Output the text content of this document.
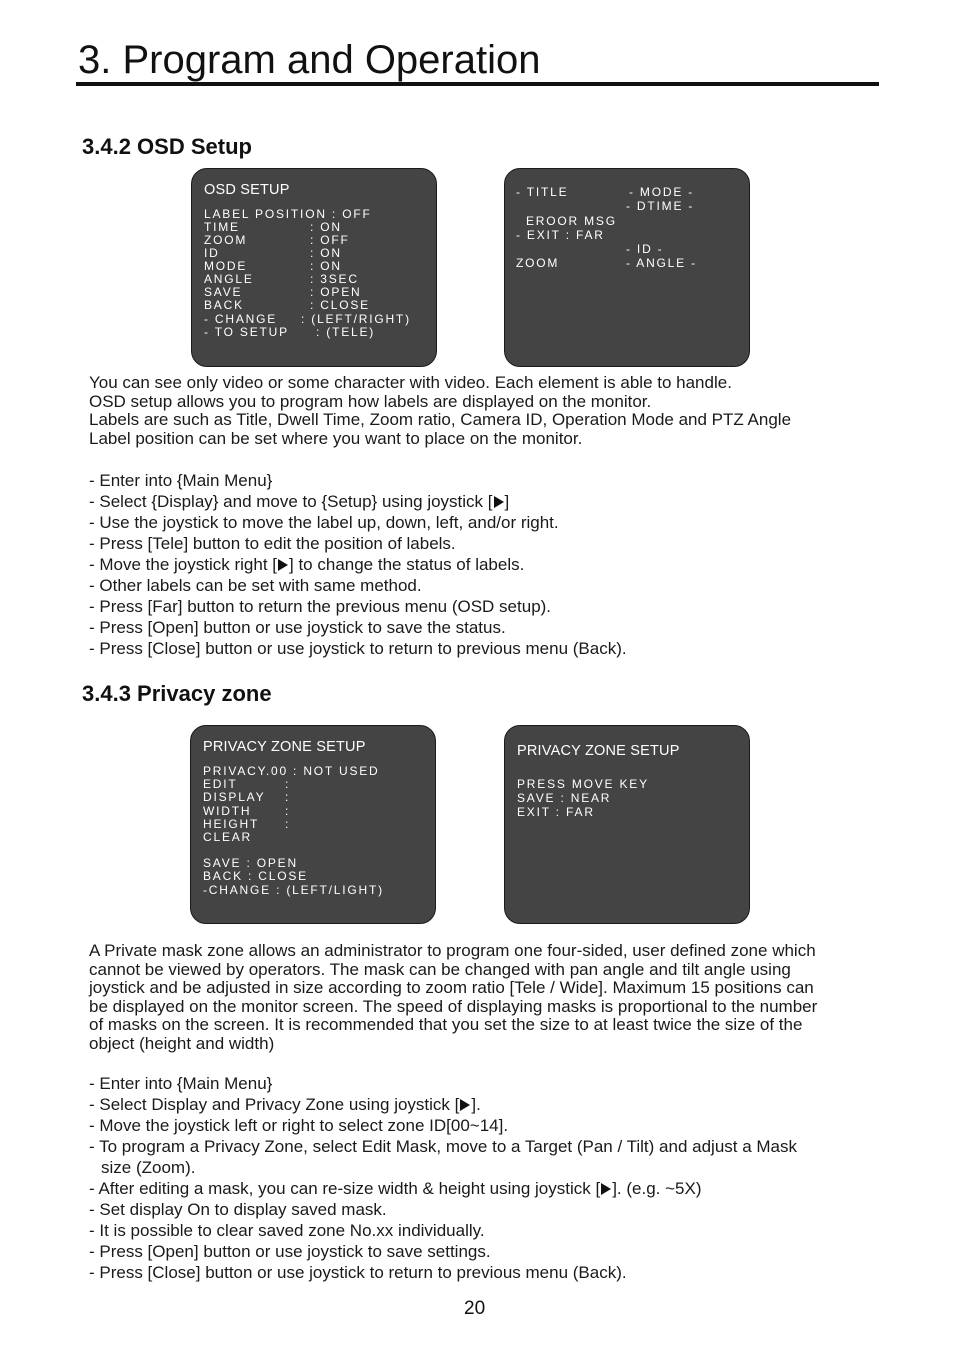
3. Program and Operation
3.4.2 OSD Setup
OSD SETUP
LABEL POSITION : OFF
TIME	: ON
ZOOM	: OFF
ID	: ON
MODE	: ON
ANGLE	: 3SEC
SAVE	: OPEN
BACK	: CLOSE
- CHANGE : (LEFT/RIGHT)
- TO SETUP : (TELE)
- TITLE	- MODE -
- DTIME -
EROOR MSG
- EXIT : FAR
- ID -
ZOOM	- ANGLE -

You can see only video or some character with video. Each element is able to handle.

OSD setup allows you to program how labels are displayed on the monitor.

Labels are such as Title, Dwell Time, Zoom ratio, Camera ID, Operation Mode and PTZ Angle

Label position can be set where you want to place on the monitor.

- Enter into {Main Menu}
- Select {Display} and move to {Setup} using joystick [ ]
- Use the joystick to move the label up, down, left, and/or right.
- Press [Tele] button to edit the position of labels.
- Move the joystick right [ ] to change the status of labels.
- Other labels can be set with same method.
- Press [Far] button to return the previous menu (OSD setup).
- Press [Open] button or use joystick to save the status.
- Press [Close] button or use joystick to return to previous menu (Back).
3.4.3 Privacy zone
PRIVACY ZONE SETUP
PRIVACY.00 : NOT USED
EDIT	:
DISPLAY :
WIDTH	:
HEIGHT :
CLEAR
SAVE : OPEN
BACK : CLOSE
-CHANGE : (LEFT/LIGHT)
PRIVACY ZONE SETUP
PRESS MOVE KEY
SAVE : NEAR
EXIT : FAR

A Private mask zone allows an administrator to program one four-sided, user defined zone which

cannot be viewed by operators. The mask can be changed with pan angle and tilt angle using

joystick and be adjusted in size according to zoom ratio [Tele / Wide]. Maximum 15 positions can

be displayed on the monitor screen. The speed of displaying masks is proportional to the number

of masks on the screen. It is recommended that you set the size to at least twice the size of the

object (height and width)

- Enter into {Main Menu}
- Select Display and Privacy Zone using joystick [ ].
- Move the joystick left or right to select zone ID[00~14].
- To program a Privacy Zone, select Edit Mask, move to a Target (Pan / Tilt) and adjust a Mask
size (Zoom).
- After editing a mask, you can re-size width & height using joystick [ ]. (e.g. ~5X)
- Set display On to display saved mask.
- It is possible to clear saved zone No.xx individually.
- Press [Open] button or use joystick to save settings.
- Press [Close] button or use joystick to return to previous menu (Back).
20
